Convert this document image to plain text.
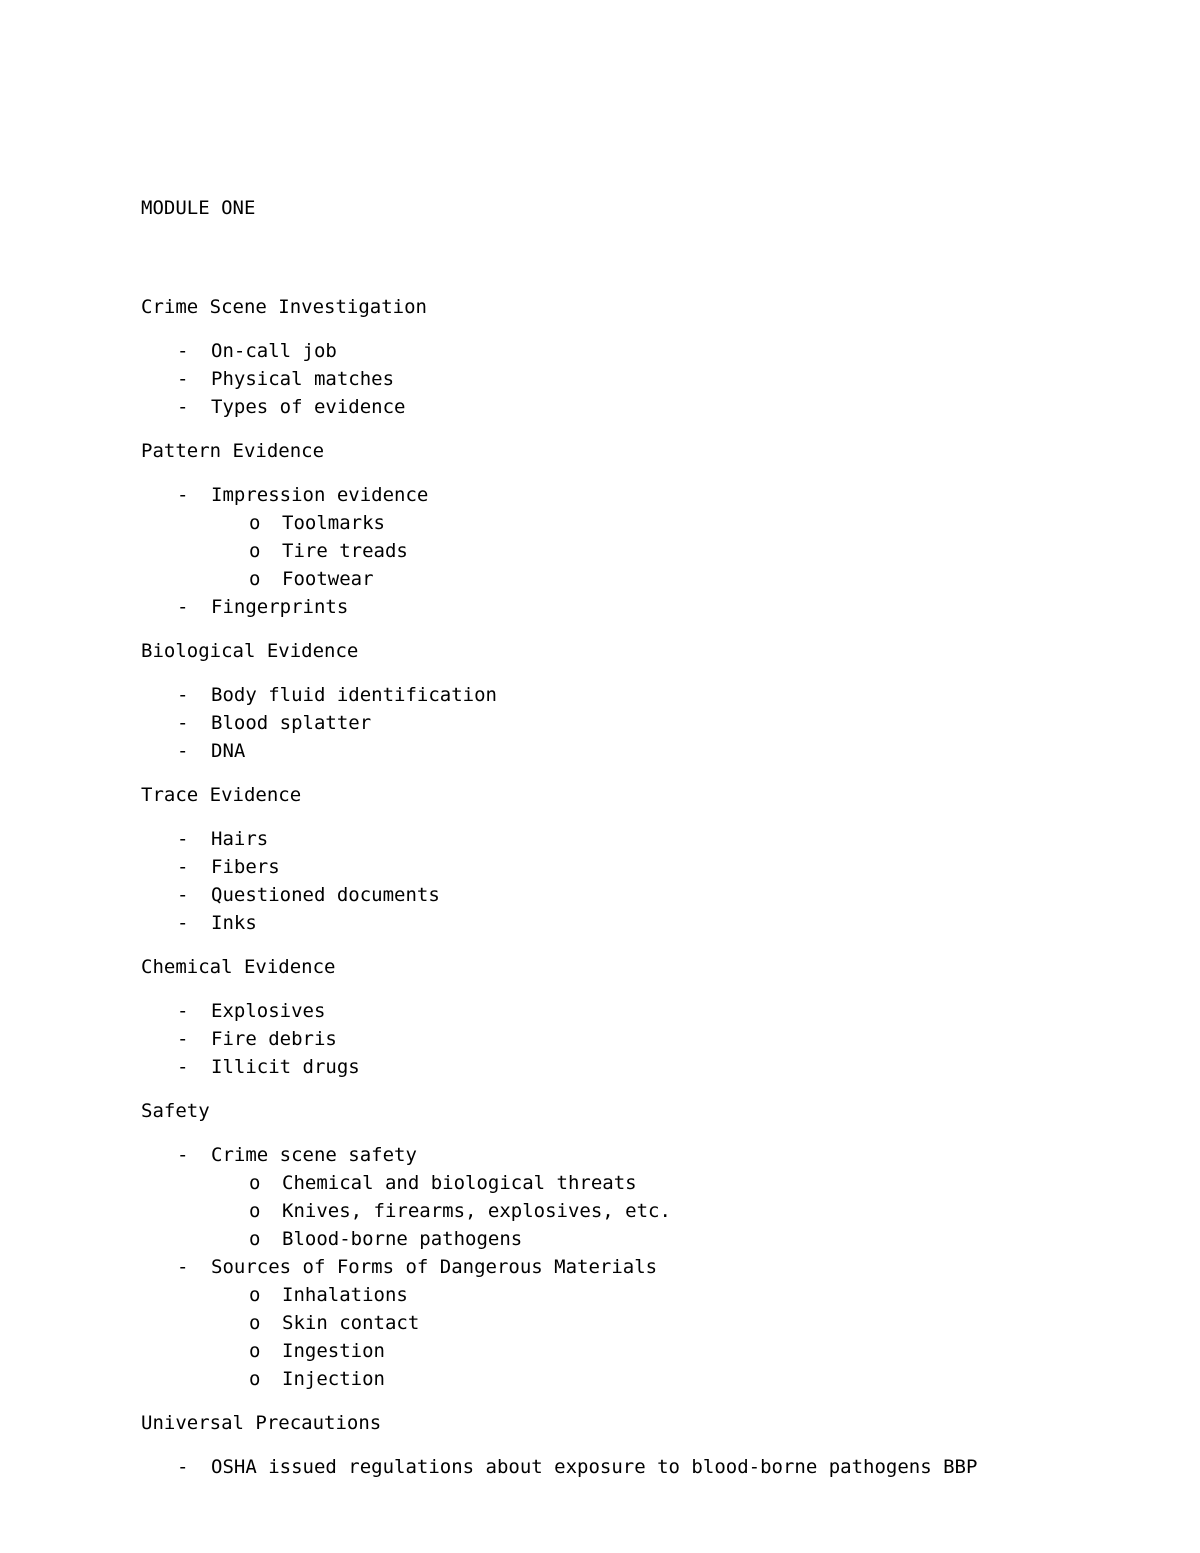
MODULE ONE

Crime Scene Investigation
- On-call job
- Physical matches
- Types of evidence
Pattern Evidence
- Impression evidence
o Toolmarks
o Tire treads
o Footwear
- Fingerprints
Biological Evidence
- Body fluid identification
- Blood splatter
- DNA
Trace Evidence
- Hairs
- Fibers
- Questioned documents
- Inks
Chemical Evidence
- Explosives
- Fire debris
- Illicit drugs
Safety
- Crime scene safety
o Chemical and biological threats
o Knives, firearms, explosives, etc.
o Blood-borne pathogens
- Sources of Forms of Dangerous Materials
o Inhalations
o Skin contact
o Ingestion
o Injection
Universal Precautions
- OSHA issued regulations about exposure to blood-borne pathogens BBP
